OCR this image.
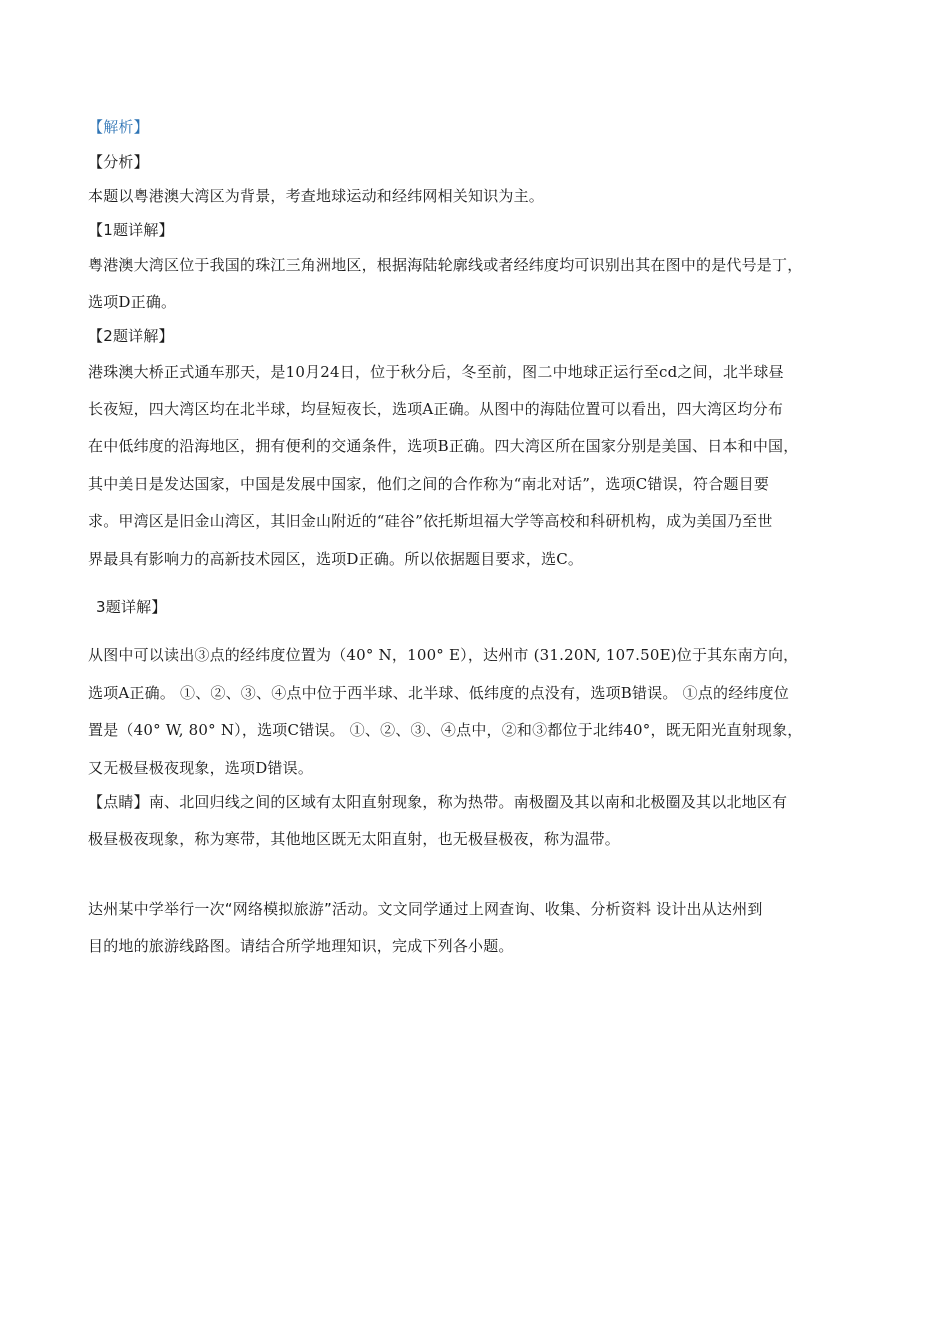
【解析】
【分析】
本题以粤港澳大湾区为背景，考查地球运动和经纬网相关知识为主。
【1题详解】
粤港澳大湾区位于我国的珠江三角洲地区，根据海陆轮廓线或者经纬度均可识别出其在图中的是代号是丁，
选项D正确。
【2题详解】
港珠澳大桥正式通车那天，是10月24日，位于秋分后，冬至前，图二中地球正运行至cd之间，北半球昼
长夜短，四大湾区均在北半球，均昼短夜长，选项A正确。从图中的海陆位置可以看出，四大湾区均分布
在中低纬度的沿海地区，拥有便利的交通条件，选项B正确。四大湾区所在国家分别是美国、日本和中国，
其中美日是发达国家，中国是发展中国家，他们之间的合作称为“南北对话”，选项C错误，符合题目要
求。甲湾区是旧金山湾区，其旧金山附近的“硅谷”依托斯坦福大学等高校和科研机构，成为美国乃至世
界最具有影响力的高新技术园区，选项D正确。所以依据题目要求，选C。
3题详解】
从图中可以读出③点的经纬度位置为（40° N，100° E），达州市 (31.20N, 107.50E)位于其东南方向，
选项A正确。 ①、②、③、④点中位于西半球、北半球、低纬度的点没有，选项B错误。 ①点的经纬度位
置是（40° W, 80° N），选项C错误。 ①、②、③、④点中，②和③都位于北纬40°，既无阳光直射现象，
又无极昼极夜现象，选项D错误。
【点睛】南、北回归线之间的区域有太阳直射现象，称为热带。南极圈及其以南和北极圈及其以北地区有
极昼极夜现象，称为寒带，其他地区既无太阳直射，也无极昼极夜，称为温带。
达州某中学举行一次“网络模拟旅游”活动。文文同学通过上网查询、收集、分析资料 设计出从达州到
目的地的旅游线路图。请结合所学地理知识，完成下列各小题。
